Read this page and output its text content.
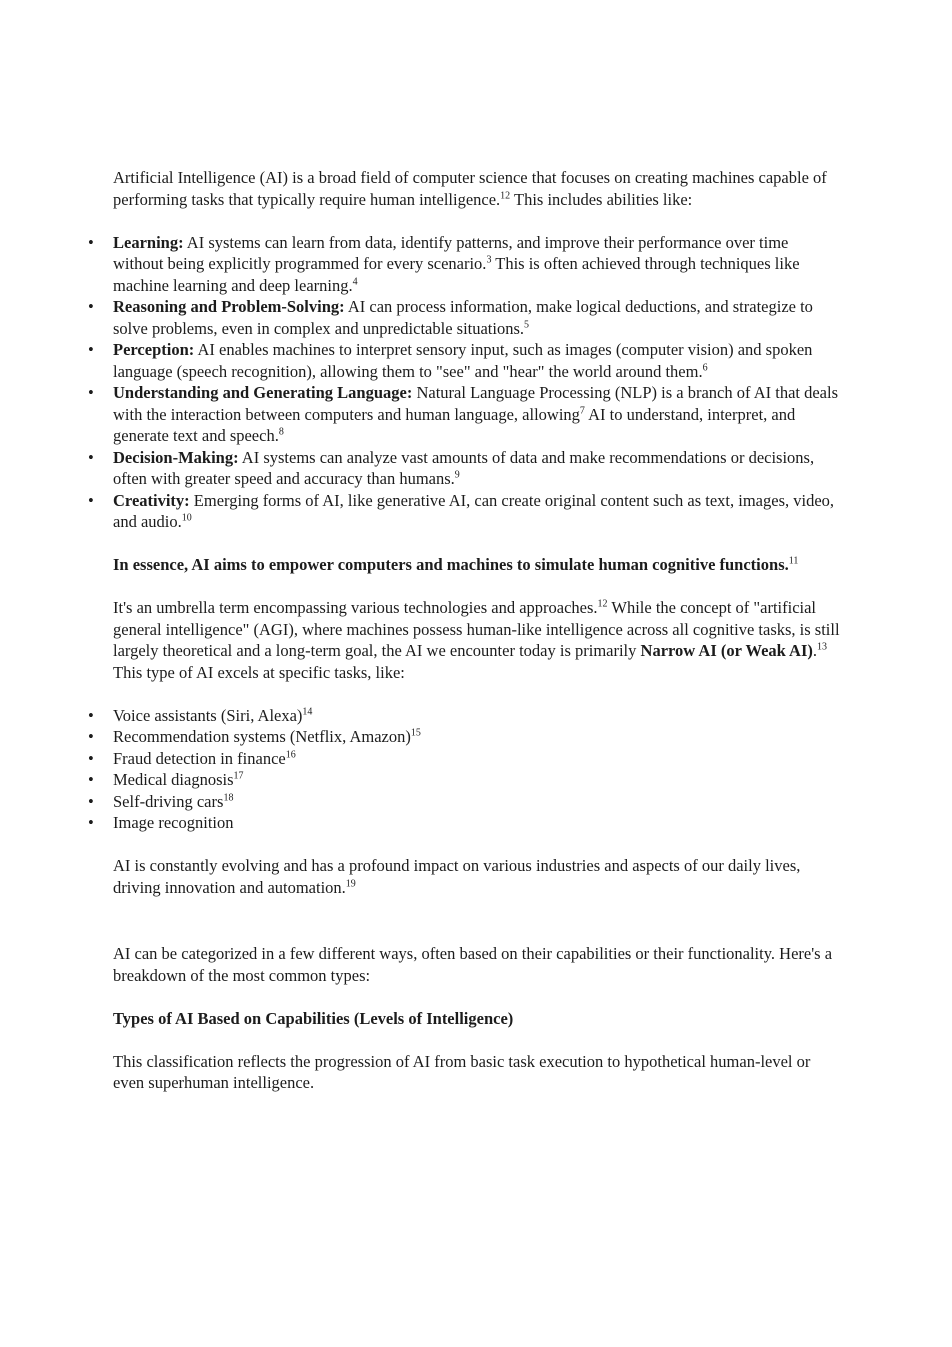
Artificial Intelligence (AI) is a broad field of computer science that focuses on creating machines capable of performing tasks that typically require human intelligence.$^{12}$ This includes abilities like:

• Learning: AI systems can learn from data, identify patterns, and improve their performance over time without being explicitly programmed for every scenario.$^3$ This is often achieved through techniques like machine learning and deep learning.$^4$
• Reasoning and Problem-Solving: AI can process information, make logical deductions, and strategize to solve problems, even in complex and unpredictable situations.$^5$
• Perception: AI enables machines to interpret sensory input, such as images (computer vision) and spoken language (speech recognition), allowing them to "see" and "hear" the world around them.$^6$
• Understanding and Generating Language: Natural Language Processing (NLP) is a branch of AI that deals with the interaction between computers and human language, allowing$^7$ AI to understand, interpret, and generate text and speech.$^8$
• Decision-Making: AI systems can analyze vast amounts of data and make recommendations or decisions, often with greater speed and accuracy than humans.$^9$
• Creativity: Emerging forms of AI, like generative AI, can create original content such as text, images, video, and audio.$^{10}$

In essence, AI aims to empower computers and machines to simulate human cognitive functions.$^{11}$

It's an umbrella term encompassing various technologies and approaches.$^{12}$ While the concept of "artificial general intelligence" (AGI), where machines possess human-like intelligence across all cognitive tasks, is still largely theoretical and a long-term goal, the AI we encounter today is primarily Narrow AI (or Weak AI).$^{13}$ This type of AI excels at specific tasks, like:

• Voice assistants (Siri, Alexa)$^{14}$
• Recommendation systems (Netflix, Amazon)$^{15}$
• Fraud detection in finance$^{16}$
• Medical diagnosis$^{17}$
• Self-driving cars$^{18}$
• Image recognition

AI is constantly evolving and has a profound impact on various industries and aspects of our daily lives, driving innovation and automation.$^{19}$

AI can be categorized in a few different ways, often based on their capabilities or their functionality. Here's a breakdown of the most common types:

Types of AI Based on Capabilities (Levels of Intelligence)

This classification reflects the progression of AI from basic task execution to hypothetical human-level or even superhuman intelligence.
